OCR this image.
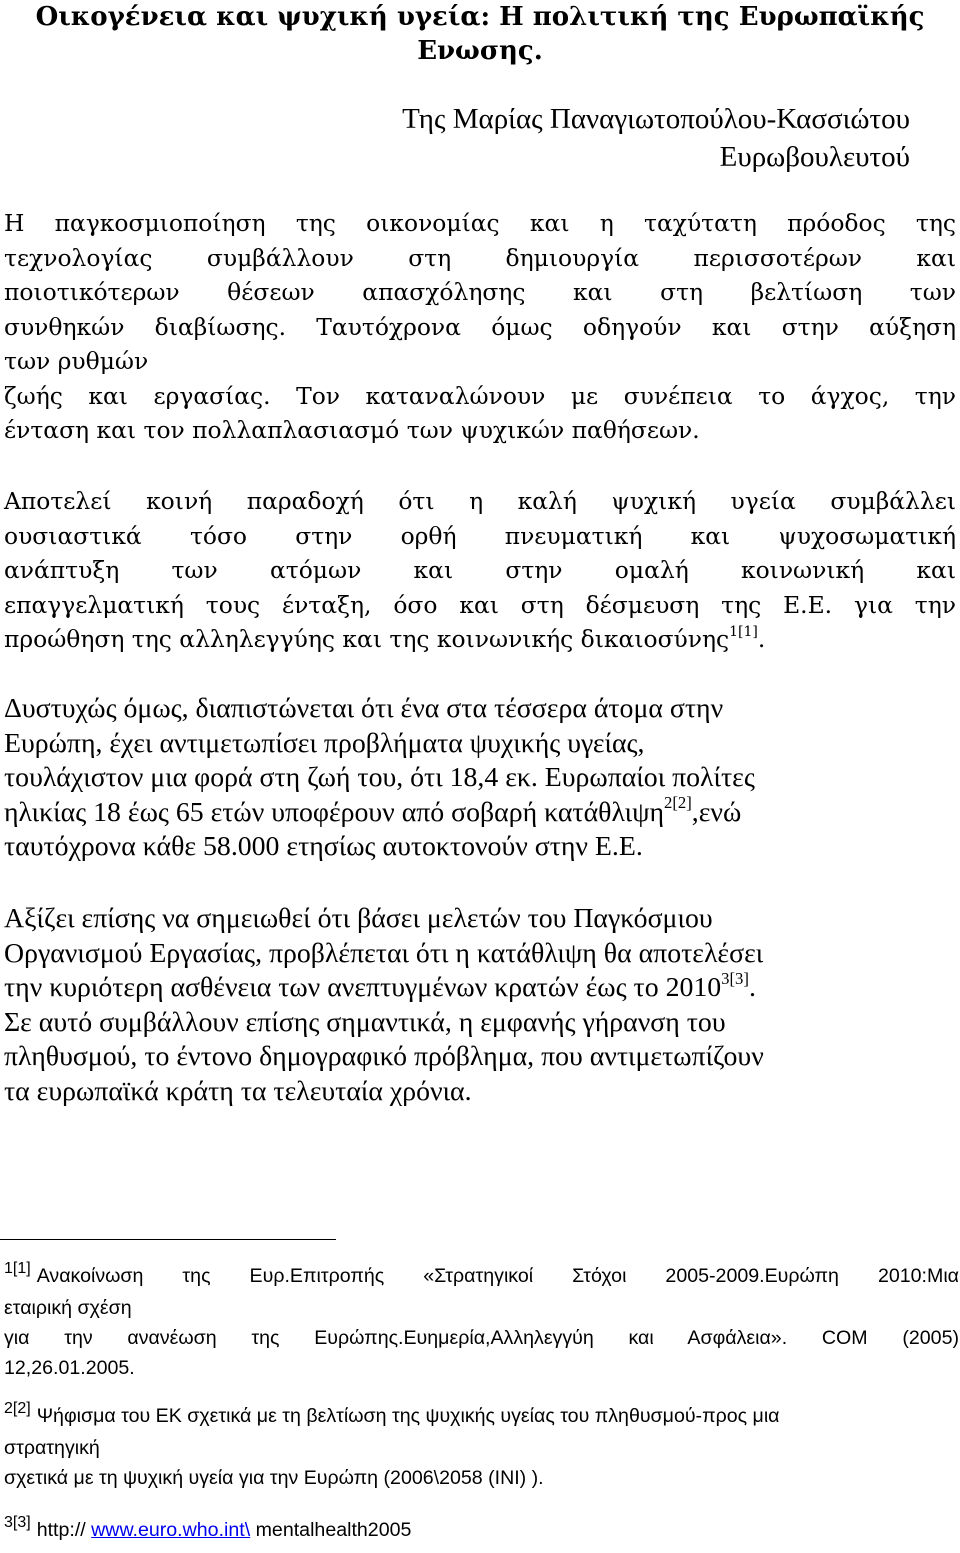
Οικογένεια και ψυχική υγεία: Η πολιτική της Ευρωπαϊκής
Ενωσης.
Της Μαρίας Παναγιωτοπούλου-Κασσιώτου
Ευρωβουλευτού
Η παγκοσμιοποίηση της οικονομίας και η ταχύτατη πρόοδος της
τεχνολογίας συμβάλλουν στη δημιουργία περισσοτέρων και
ποιοτικότερων θέσεων απασχόλησης και στη βελτίωση των
συνθηκών διαβίωσης. Ταυτόχρονα όμως οδηγούν και στην αύξηση
των ρυθμών
ζωής και εργασίας. Τον καταναλώνουν με συνέπεια το άγχος, την
ένταση και τον πολλαπλασιασμό των ψυχικών παθήσεων.
Αποτελεί κοινή παραδοχή ότι η καλή ψυχική υγεία συμβάλλει
ουσιαστικά τόσο στην ορθή πνευματική και ψυχοσωματική
ανάπτυξη των ατόμων και στην ομαλή κοινωνική και
επαγγελματική τους ένταξη, όσο και στη δέσμευση της Ε.Ε. για την
προώθηση της αλληλεγγύης και της κοινωνικής δικαιοσύνης$^{1[1]}$.
Δυστυχώς όμως, διαπιστώνεται ότι ένα στα τέσσερα άτομα στην
Ευρώπη, έχει αντιμετωπίσει προβλήματα ψυχικής υγείας,
τουλάχιστον μια φορά στη ζωή του, ότι 18,4 εκ. Ευρωπαίοι πολίτες
ηλικίας 18 έως 65 ετών υποφέρουν από σοβαρή κατάθλιψη$^{2[2]}$,ενώ
ταυτόχρονα κάθε 58.000 ετησίως αυτοκτονούν στην Ε.Ε.
Αξίζει επίσης να σημειωθεί ότι βάσει μελετών του Παγκόσμιου
Οργανισμού Εργασίας, προβλέπεται ότι η κατάθλιψη θα αποτελέσει
την κυριότερη ασθένεια των ανεπτυγμένων κρατών έως το 2010$^{3[3]}$.
Σε αυτό συμβάλλουν επίσης σημαντικά, η εμφανής γήρανση του
πληθυσμού, το έντονο δημογραφικό πρόβλημα, που αντιμετωπίζουν
τα ευρωπαϊκά κράτη τα τελευταία χρόνια.
$^{1[1]}$ Ανακοίνωση της Ευρ.Επιτροπής «Στρατηγικοί Στόχοι 2005-2009.Ευρώπη 2010:Μια
εταιρική σχέση
για την ανανέωση της Ευρώπης.Ευημερία,Αλληλεγγύη και Ασφάλεια». COM (2005)
12,26.01.2005.
$^{2[2]}$ Ψήφισμα του ΕΚ σχετικά με τη βελτίωση της ψυχικής υγείας του πληθυσμού-προς μια
στρατηγική
σχετικά με τη ψυχική υγεία για την Ευρώπη (2006\2058 (INI) ).
$^{3[3]}$ http:// www.euro.who.int\ mentalhealth2005
